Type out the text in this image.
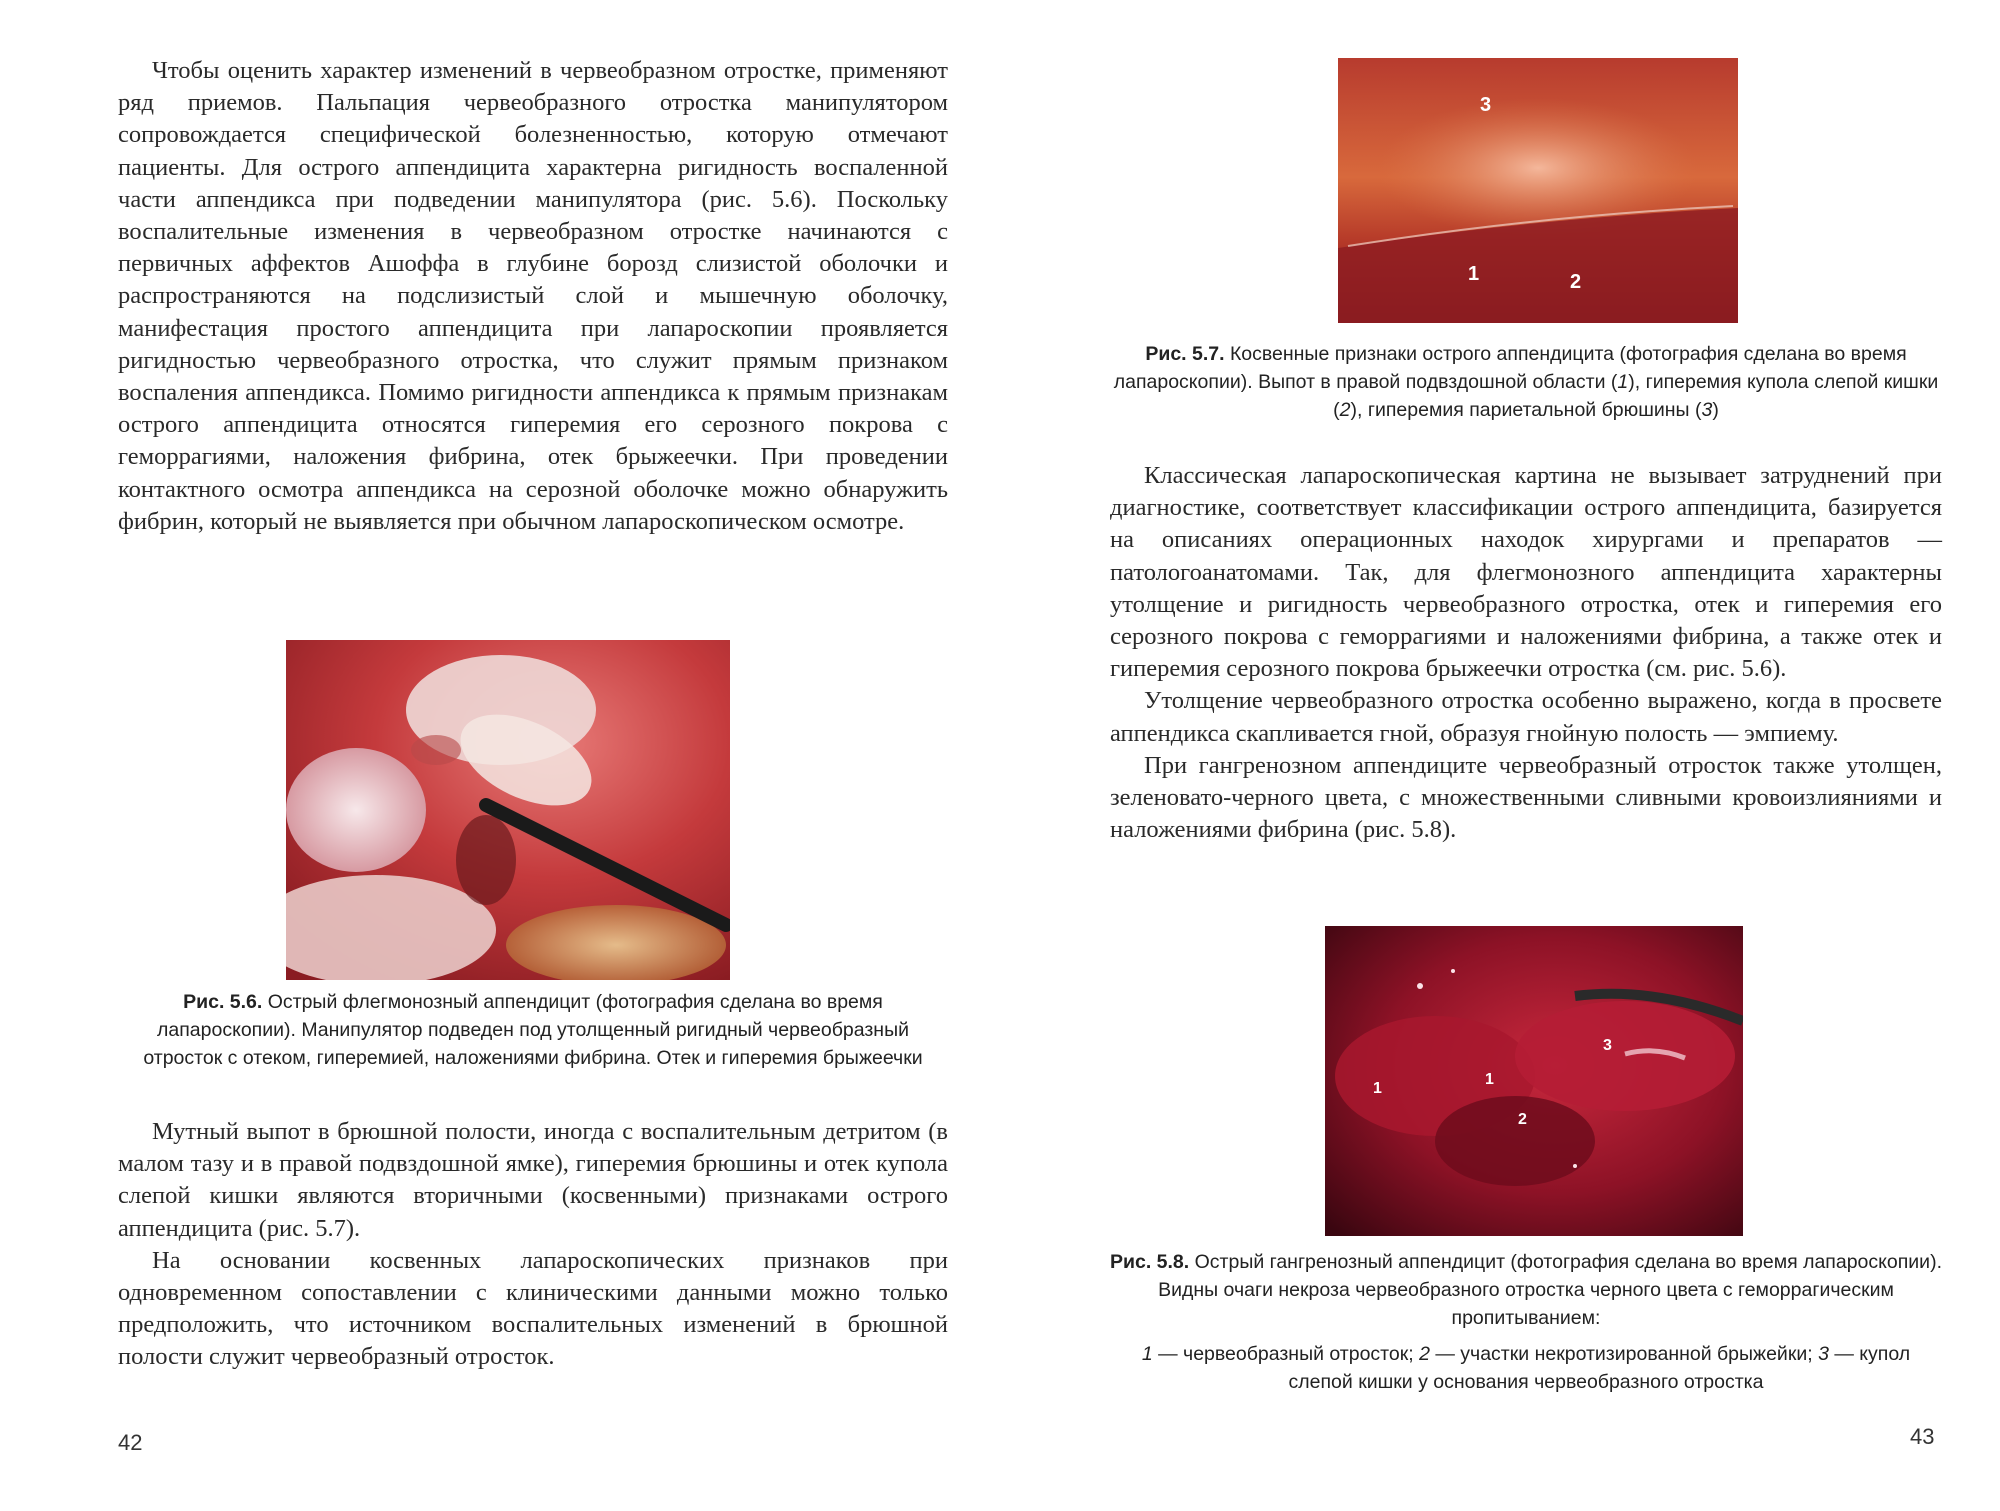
Чтобы оценить характер изменений в червеобразном отростке, применяют ряд приемов. Пальпация червеобразного отростка манипулятором сопровождается специфической болезненностью, которую отмечают пациенты. Для острого аппендицита характерна ригидность воспаленной части аппендикса при подведении манипулятора (рис. 5.6). Поскольку воспалительные изменения в червеобразном отростке начинаются с первичных аффектов Ашоффа в глубине борозд слизистой оболочки и распространяются на подслизистый слой и мышечную оболочку, манифестация простого аппендицита при лапароскопии проявляется ригидностью червеобразного отростка, что служит прямым признаком воспаления аппендикса. Помимо ригидности аппендикса к прямым признакам острого аппендицита относятся гиперемия его серозного покрова с геморрагиями, наложения фибрина, отек брыжеечки. При проведении контактного осмотра аппендикса на серозной оболочке можно обнаружить фибрин, который не выявляется при обычном лапароскопическом осмотре.

Рис. 5.6. Острый флегмонозный аппендицит (фотография сделана во время лапароскопии). Манипулятор подведен под утолщенный ригидный червеобразный отросток с отеком, гиперемией, наложениями фибрина. Отек и гиперемия брыжеечки

Мутный выпот в брюшной полости, иногда с воспалительным детритом (в малом тазу и в правой подвздошной ямке), гиперемия брюшины и отек купола слепой кишки являются вторичными (косвенными) признаками острого аппендицита (рис. 5.7).

На основании косвенных лапароскопических признаков при одновременном сопоставлении с клиническими данными можно только предположить, что источником воспалительных изменений в брюшной полости служит червеобразный отросток.

42
3
1	2
Рис. 5.7. Косвенные признаки острого аппендицита (фотография сделана во время лапароскопии). Выпот в правой подвздошной области (1), гиперемия купола слепой кишки (2), гиперемия париетальной брюшины (3)

Классическая лапароскопическая картина не вызывает затруднений при диагностике, соответствует классификации острого аппендицита, базируется на описаниях операционных находок хирургами и препаратов — патологоанатомами. Так, для флегмонозного аппендицита характерны утолщение и ригидность червеобразного отростка, отек и гиперемия его серозного покрова с геморрагиями и наложениями фибрина, а также отек и гиперемия серозного покрова брыжеечки отростка (см. рис. 5.6).

Утолщение червеобразного отростка особенно выражено, когда в просвете аппендикса скапливается гной, образуя гнойную полость — эмпиему.

При гангренозном аппендиците червеобразный отросток также утолщен, зеленовато-черного цвета, с множественными сливными кровоизлияниями и наложениями фибрина (рис. 5.8).

1
1
2
3
Рис. 5.8. Острый гангренозный аппендицит (фотография сделана во время лапароскопии). Видны очаги некроза червеобразного отростка черного цвета с геморрагическим пропитыванием:
1 — червеобразный отросток; 2 — участки некротизированной брыжейки; 3 — купол слепой кишки у основания червеобразного отростка
43
